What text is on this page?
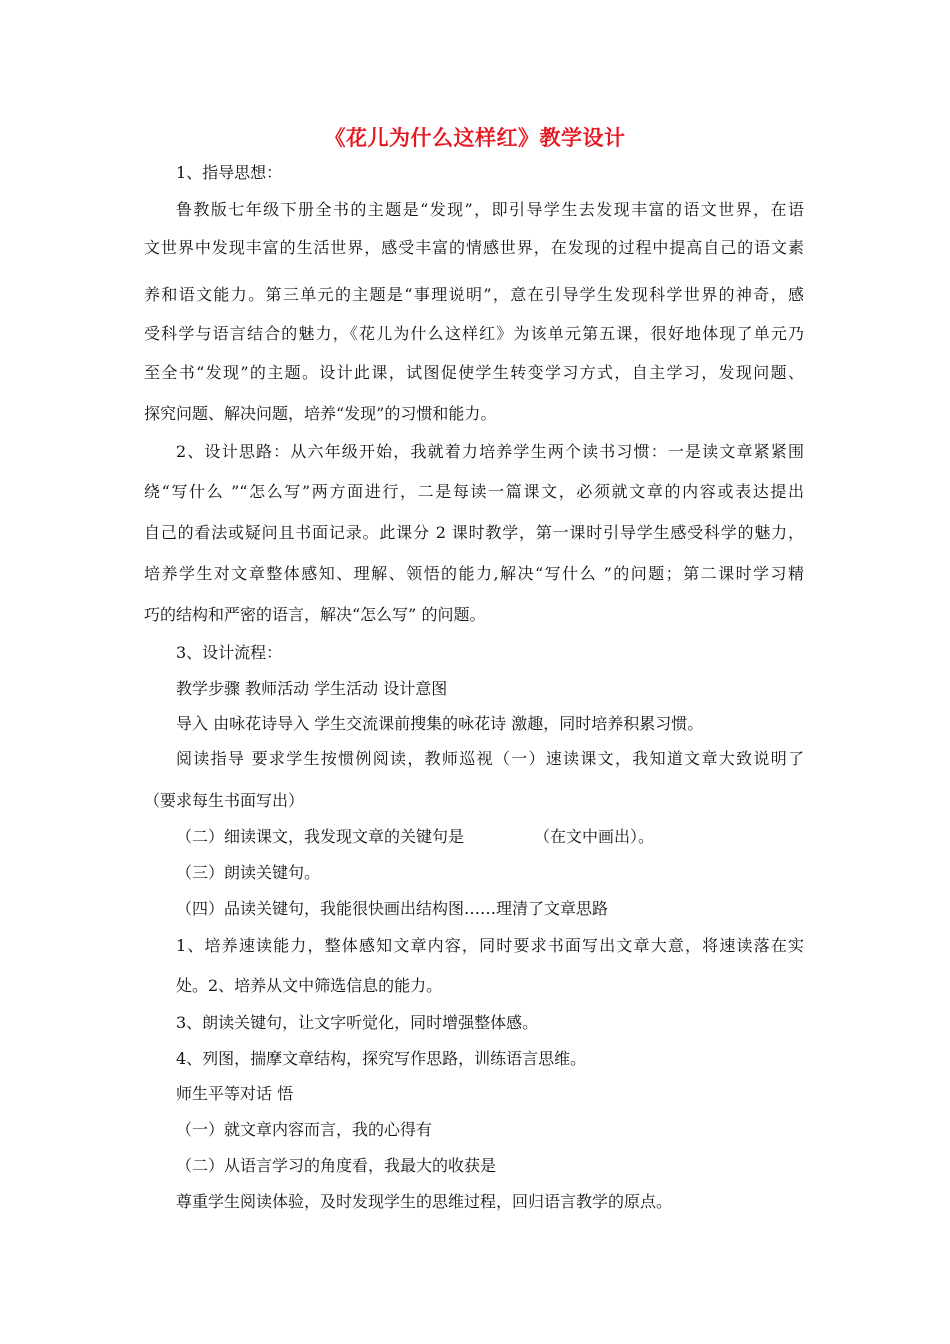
《花儿为什么这样红》教学设计
1、指导思想：
鲁教版七年级下册全书的主题是“发现”，即引导学生去发现丰富的语文世界，在语
文世界中发现丰富的生活世界，感受丰富的情感世界，在发现的过程中提高自己的语文素
养和语文能力。第三单元的主题是“事理说明”，意在引导学生发现科学世界的神奇，感
受科学与语言结合的魅力，《花儿为什么这样红》为该单元第五课，很好地体现了单元乃
至全书“发现”的主题。设计此课，试图促使学生转变学习方式，自主学习，发现问题、
探究问题、解决问题，培养“发现”的习惯和能力。
2、设计思路：从六年级开始，我就着力培养学生两个读书习惯：一是读文章紧紧围
绕“写什么 ”“怎么写”两方面进行，二是每读一篇课文，必须就文章的内容或表达提出
自己的看法或疑问且书面记录。此课分 2 课时教学，第一课时引导学生感受科学的魅力，
培养学生对文章整体感知、理解、领悟的能力,解决“写什么 ”的问题；第二课时学习精
巧的结构和严密的语言，解决“怎么写” 的问题。
3、设计流程：
教学步骤 教师活动 学生活动 设计意图
导入 由咏花诗导入 学生交流课前搜集的咏花诗 激趣，同时培养积累习惯。
阅读指导 要求学生按惯例阅读，教师巡视（一）速读课文，我知道文章大致说明了
（要求每生书面写出）
（二）细读课文，我发现文章的关键句是	（在文中画出）。
（三）朗读关键句。
（四）品读关键句，我能很快画出结构图……理清了文章思路
1、培养速读能力，整体感知文章内容，同时要求书面写出文章大意，将速读落在实
处。2、培养从文中筛选信息的能力。
3、朗读关键句，让文字听觉化，同时增强整体感。
4、列图，揣摩文章结构，探究写作思路，训练语言思维。
师生平等对话 悟
（一）就文章内容而言，我的心得有
（二）从语言学习的角度看，我最大的收获是
尊重学生阅读体验，及时发现学生的思维过程，回归语言教学的原点。
